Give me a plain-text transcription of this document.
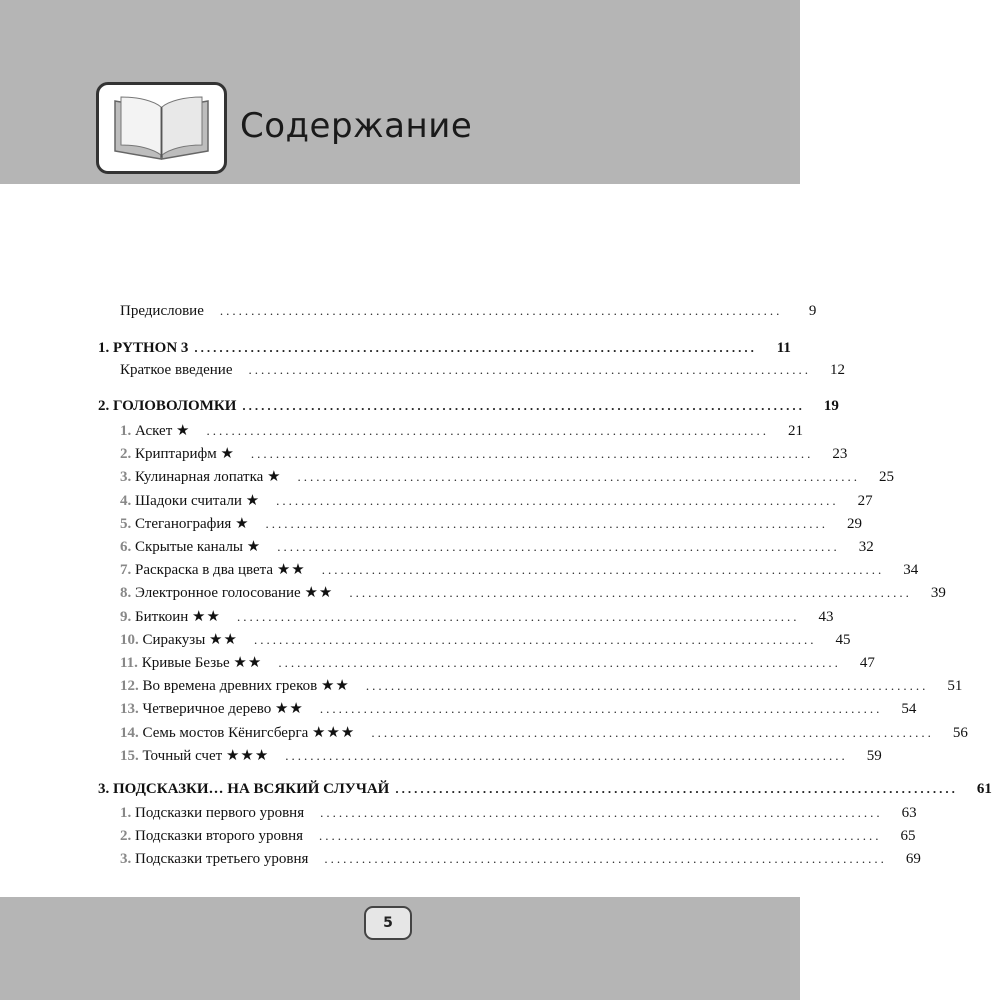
Содержание
Предисловие ..........................................................................................	9
1. PYTHON 3 ..........................................................................................	11
Краткое введение ..........................................................................................	12
2. ГОЛОВОЛОМКИ ..........................................................................................	19
1. Аскет ★ ..........................................................................................	21
2. Криптарифм ★ ..........................................................................................	23
3. Кулинарная лопатка ★ ..........................................................................................	25
4. Шадоки считали ★ ..........................................................................................	27
5. Стеганография ★ ..........................................................................................	29
6. Скрытые каналы ★ ..........................................................................................	32
7. Раскраска в два цвета ★★ ..........................................................................................	34
8. Электронное голосование ★★ ..........................................................................................	39
9. Биткоин ★★ ..........................................................................................	43
10. Сиракузы ★★ ..........................................................................................	45
11. Кривые Безье ★★ ..........................................................................................	47
12. Во времена древних греков ★★ ..........................................................................................	51
13. Четверичное дерево ★★ ..........................................................................................	54
14. Семь мостов Кёнигсберга ★★★ ..........................................................................................	56
15. Точный счет ★★★ ..........................................................................................	59
3. ПОДСКАЗКИ… НА ВСЯКИЙ СЛУЧАЙ ..........................................................................................	61
1. Подсказки первого уровня ..........................................................................................	63
2. Подсказки второго уровня ..........................................................................................	65
3. Подсказки третьего уровня ..........................................................................................	69
5
